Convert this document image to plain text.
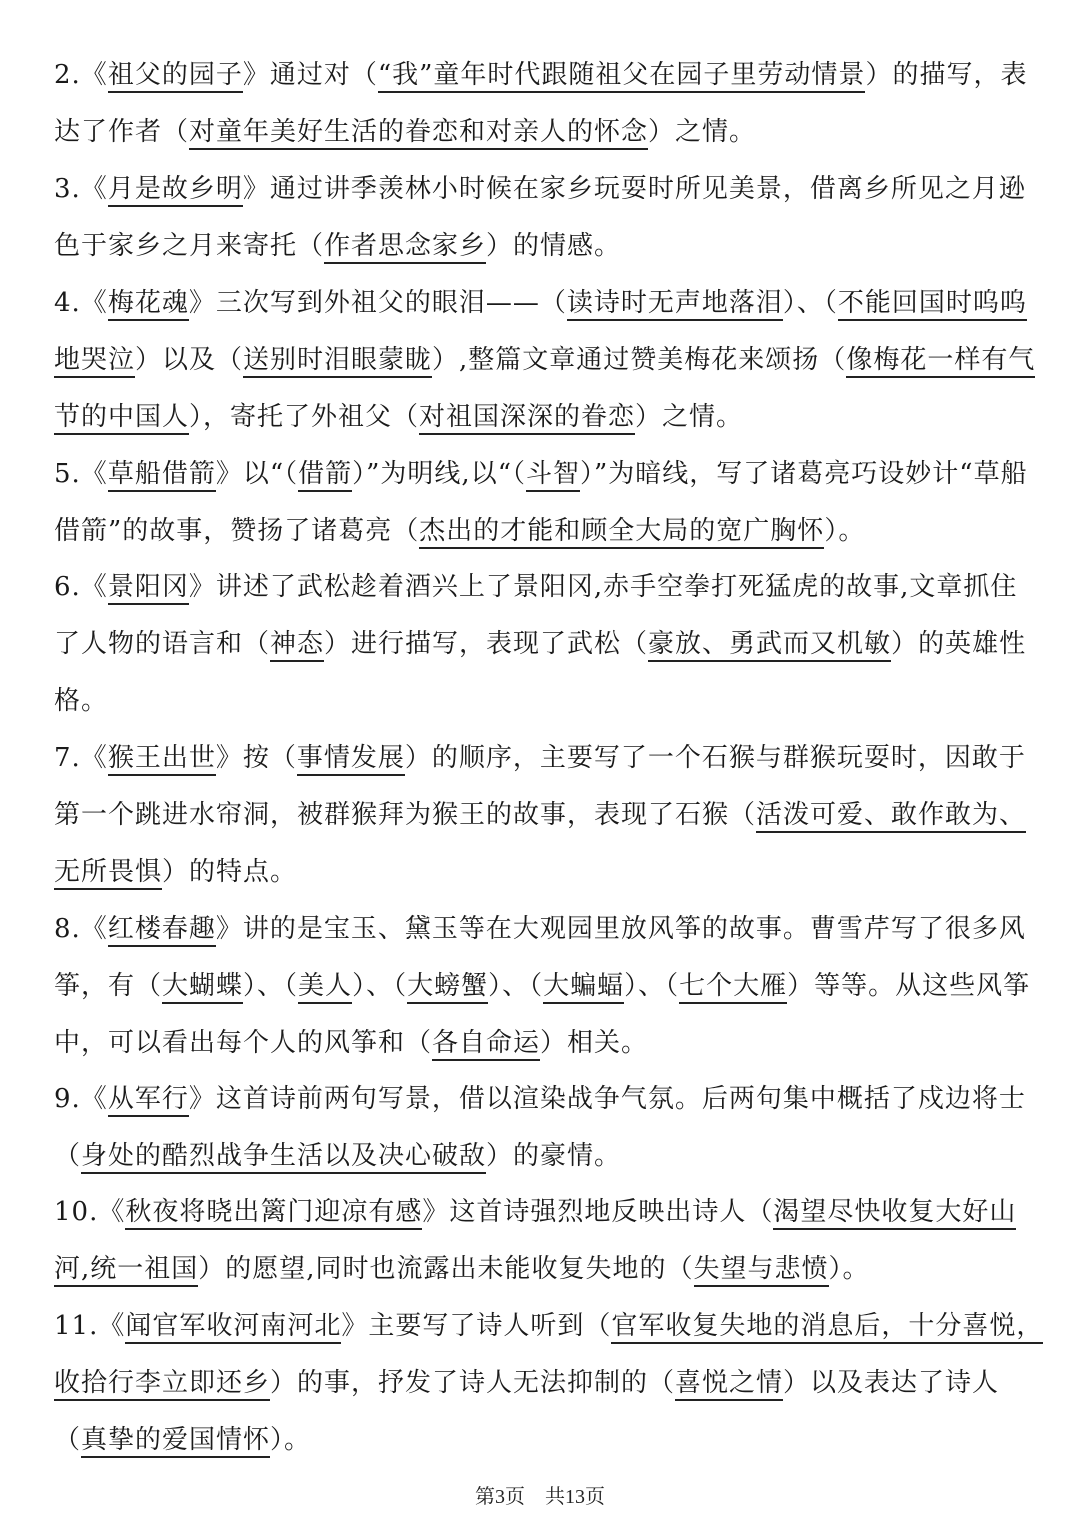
2.《祖父的园子》通过对（“我”童年时代跟随祖父在园子里劳动情景）的描写，表达了作者（对童年美好生活的眷恋和对亲人的怀念）之情。
3.《月是故乡明》通过讲季羡林小时候在家乡玩耍时所见美景，借离乡所见之月逊色于家乡之月来寄托（作者思念家乡）的情感。
4.《梅花魂》三次写到外祖父的眼泪——（读诗时无声地落泪）、（不能回国时呜呜地哭泣）以及（送别时泪眼蒙眬）,整篇文章通过赞美梅花来颂扬（像梅花一样有气节的中国人），寄托了外祖父（对祖国深深的眷恋）之情。
5.《草船借箭》以“（借箭）”为明线,以“（斗智）”为暗线，写了诸葛亮巧设妙计“草船借箭”的故事，赞扬了诸葛亮（杰出的才能和顾全大局的宽广胸怀）。
6.《景阳冈》讲述了武松趁着酒兴上了景阳冈,赤手空拳打死猛虎的故事,文章抓住了人物的语言和（神态）进行描写，表现了武松（豪放、勇武而又机敏）的英雄性格。
7.《猴王出世》按（事情发展）的顺序，主要写了一个石猴与群猴玩耍时，因敢于第一个跳进水帘洞，被群猴拜为猴王的故事，表现了石猴（活泼可爱、敢作敢为、无所畏惧）的特点。
8.《红楼春趣》讲的是宝玉、黛玉等在大观园里放风筝的故事。曹雪芹写了很多风筝，有（大蝴蝶）、（美人）、（大螃蟹）、（大蝙蝠）、（七个大雁）等等。从这些风筝中，可以看出每个人的风筝和（各自命运）相关。
9.《从军行》这首诗前两句写景，借以渲染战争气氛。后两句集中概括了戍边将士（身处的酷烈战争生活以及决心破敌）的豪情。
10.《秋夜将晓出篱门迎凉有感》这首诗强烈地反映出诗人（渴望尽快收复大好山河,统一祖国）的愿望,同时也流露出未能收复失地的（失望与悲愤）。
11.《闻官军收河南河北》主要写了诗人听到（官军收复失地的消息后，十分喜悦，收拾行李立即还乡）的事，抒发了诗人无法抑制的（喜悦之情）以及表达了诗人（真挚的爱国情怀）。
第3页　共13页
